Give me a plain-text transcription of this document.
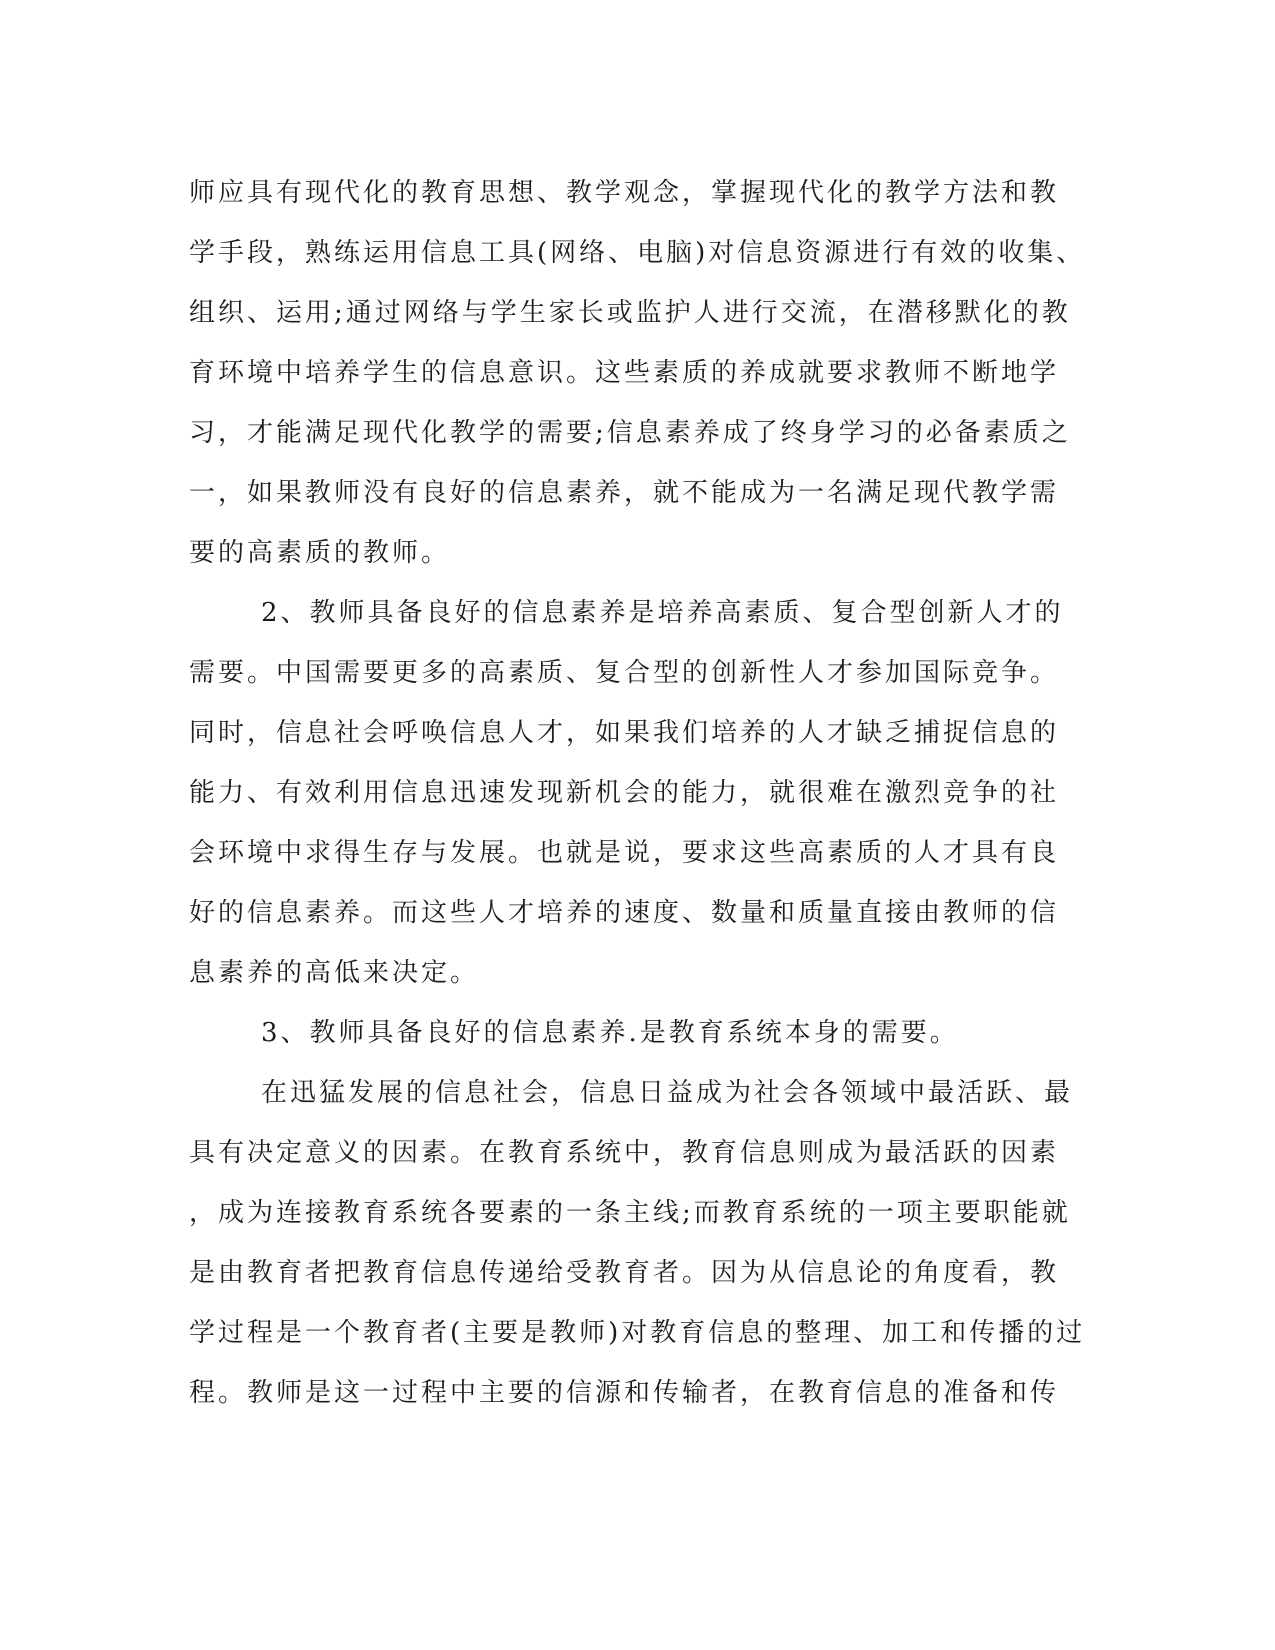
师应具有现代化的教育思想、教学观念，掌握现代化的教学方法和教
学手段，熟练运用信息工具(网络、电脑)对信息资源进行有效的收集、
组织、运用;通过网络与学生家长或监护人进行交流，在潜移默化的教
育环境中培养学生的信息意识。这些素质的养成就要求教师不断地学
习，才能满足现代化教学的需要;信息素养成了终身学习的必备素质之
一，如果教师没有良好的信息素养，就不能成为一名满足现代教学需
要的高素质的教师。
2、教师具备良好的信息素养是培养高素质、复合型创新人才的
需要。中国需要更多的高素质、复合型的创新性人才参加国际竞争。
同时，信息社会呼唤信息人才，如果我们培养的人才缺乏捕捉信息的
能力、有效利用信息迅速发现新机会的能力，就很难在激烈竞争的社
会环境中求得生存与发展。也就是说，要求这些高素质的人才具有良
好的信息素养。而这些人才培养的速度、数量和质量直接由教师的信
息素养的高低来决定。
3、教师具备良好的信息素养.是教育系统本身的需要。
在迅猛发展的信息社会，信息日益成为社会各领域中最活跃、最
具有决定意义的因素。在教育系统中，教育信息则成为最活跃的因素
，成为连接教育系统各要素的一条主线;而教育系统的一项主要职能就
是由教育者把教育信息传递给受教育者。因为从信息论的角度看，教
学过程是一个教育者(主要是教师)对教育信息的整理、加工和传播的过
程。教师是这一过程中主要的信源和传输者，在教育信息的准备和传
